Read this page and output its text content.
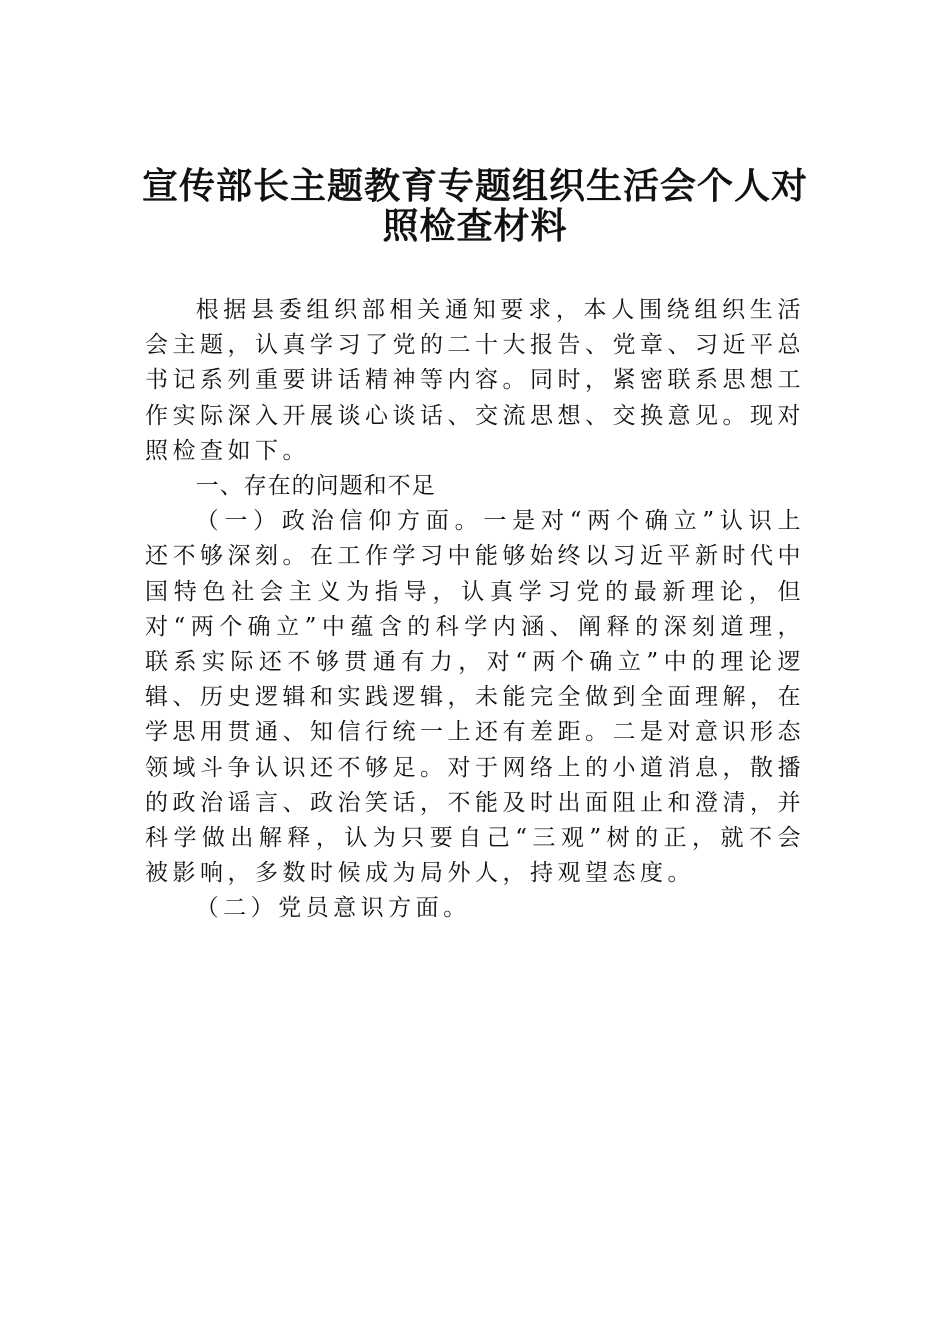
宣传部长主题教育专题组织生活会个人对
照检查材料

根据县委组织部相关通知要求，本人围绕组织生活会主题，认真学习了党的二十大报告、党章、习近平总书记系列重要讲话精神等内容。同时，紧密联系思想工作实际深入开展谈心谈话、交流思想、交换意见。现对照检查如下。

一、存在的问题和不足

（一）政治信仰方面。一是对“两个确立”认识上还不够深刻。在工作学习中能够始终以习近平新时代中国特色社会主义为指导，认真学习党的最新理论，但对“两个确立”中蕴含的科学内涵、阐释的深刻道理，联系实际还不够贯通有力，对“两个确立”中的理论逻辑、历史逻辑和实践逻辑，未能完全做到全面理解，在学思用贯通、知信行统一上还有差距。二是对意识形态领域斗争认识还不够足。对于网络上的小道消息，散播的政治谣言、政治笑话，不能及时出面阻止和澄清，并科学做出解释，认为只要自己“三观”树的正，就不会被影响，多数时候成为局外人，持观望态度。

（二）党员意识方面。
